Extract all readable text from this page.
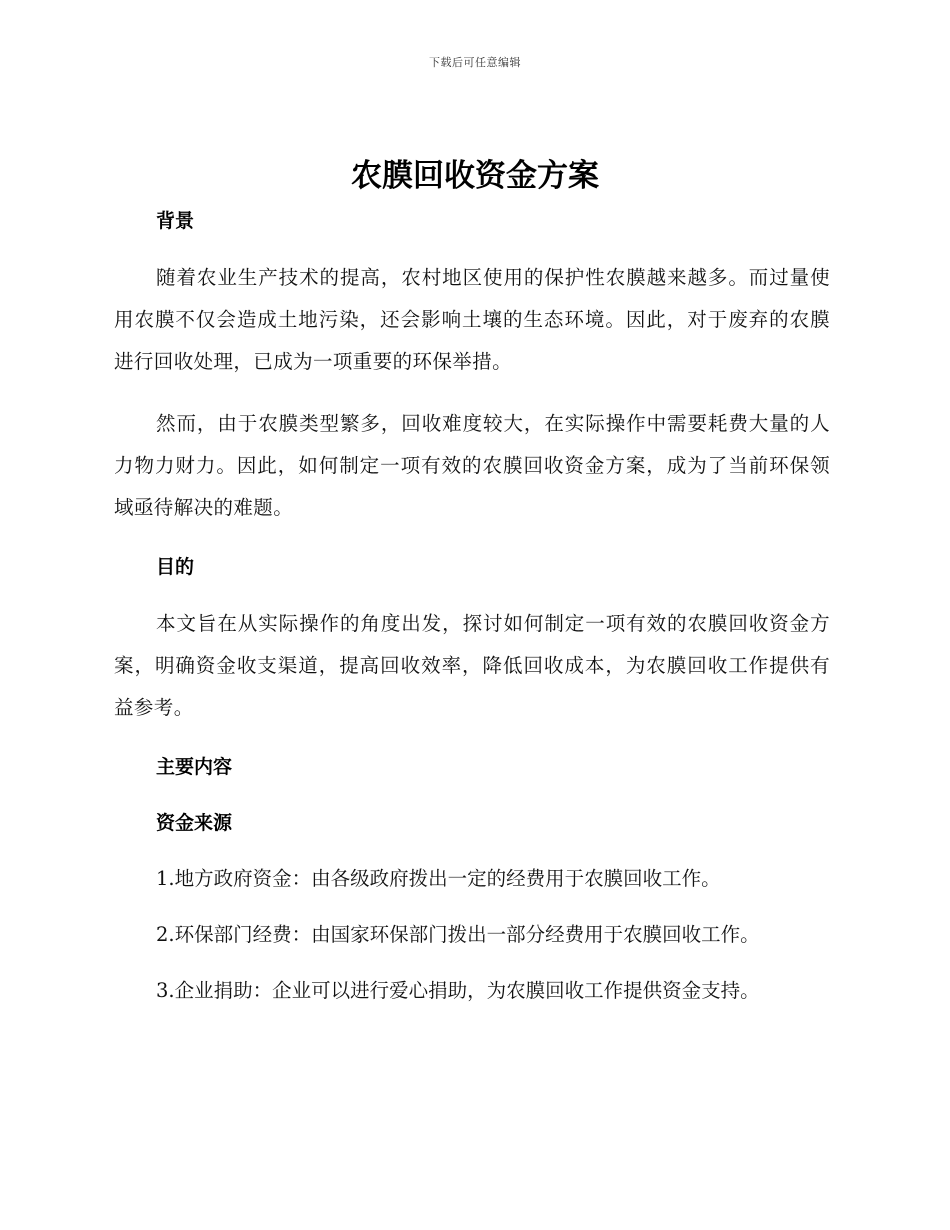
下载后可任意编辑
农膜回收资金方案
背景

随着农业生产技术的提高，农村地区使用的保护性农膜越来越多。而过量使用农膜不仅会造成土地污染，还会影响土壤的生态环境。因此，对于废弃的农膜进行回收处理，已成为一项重要的环保举措。

然而，由于农膜类型繁多，回收难度较大，在实际操作中需要耗费大量的人力物力财力。因此，如何制定一项有效的农膜回收资金方案，成为了当前环保领域亟待解决的难题。

目的

本文旨在从实际操作的角度出发，探讨如何制定一项有效的农膜回收资金方案，明确资金收支渠道，提高回收效率，降低回收成本，为农膜回收工作提供有益参考。

主要内容
资金来源
1.地方政府资金：由各级政府拨出一定的经费用于农膜回收工作。
2.环保部门经费：由国家环保部门拨出一部分经费用于农膜回收工作。
3.企业捐助：企业可以进行爱心捐助，为农膜回收工作提供资金支持。
